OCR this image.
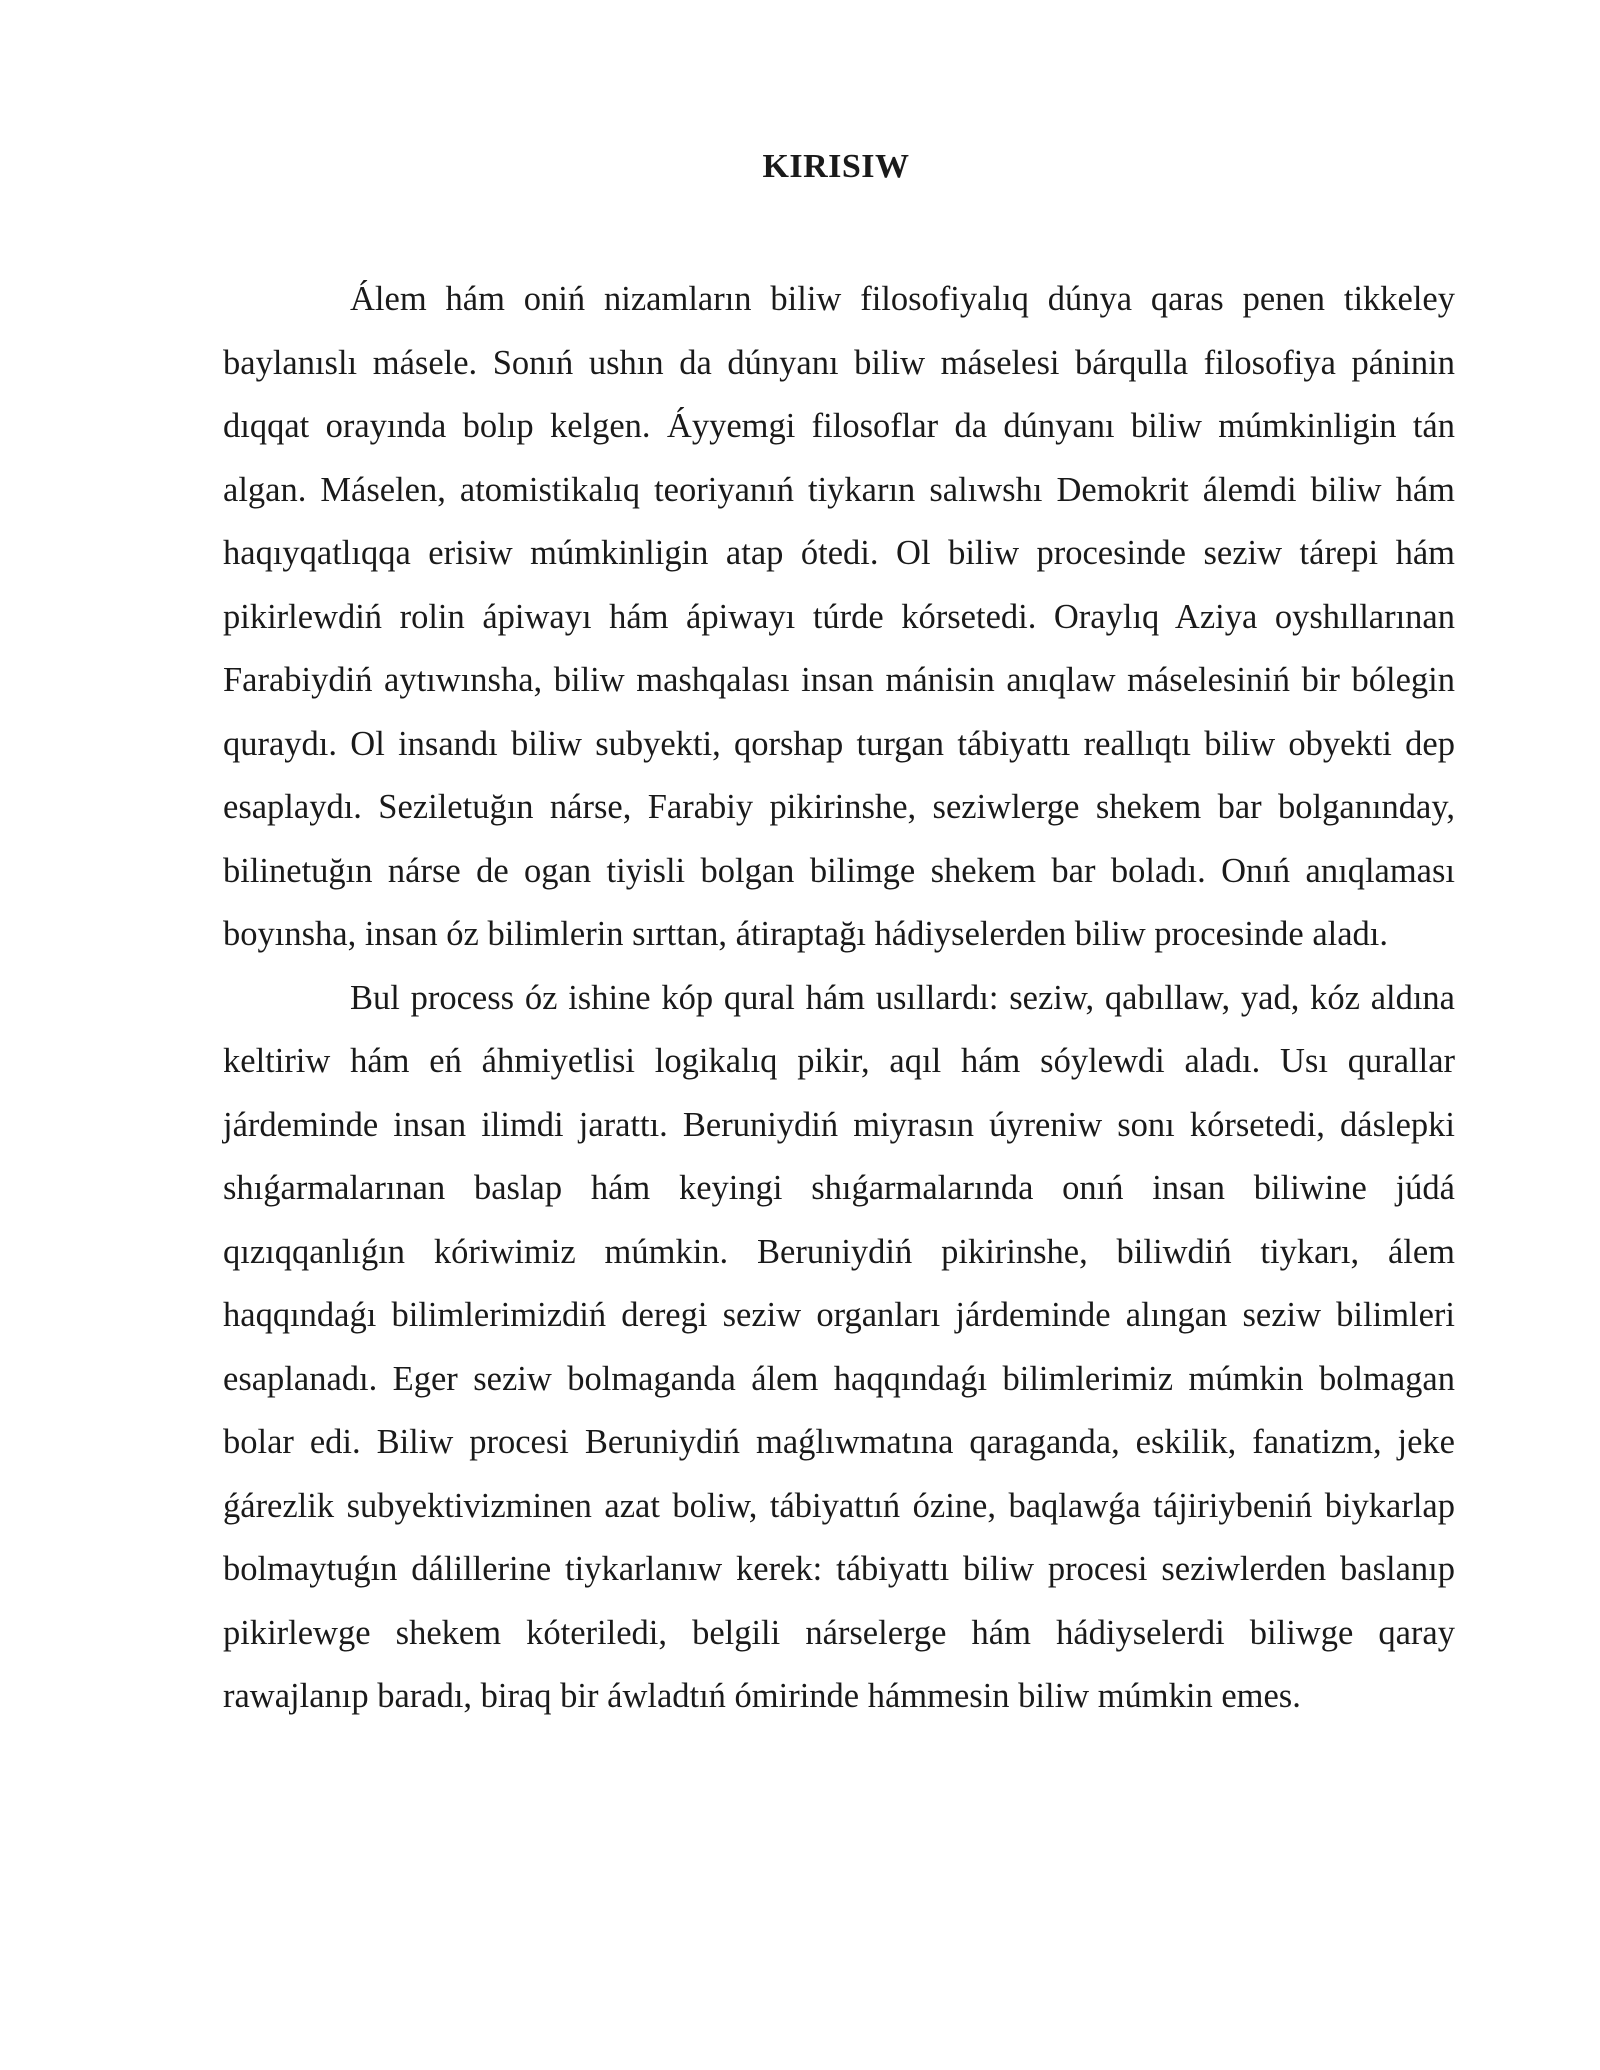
KIRISIW

Álem hám oniń nizamların biliw filosofiyalıq dúnya qaras penen tikkeley baylanıslı másele. Sonıń ushın da dúnyanı biliw máselesi bárqulla filosofiya páninin dıqqat orayında bolıp kelgen. Áyyemgi filosoflar da dúnyanı biliw múmkinligin tán algan. Máselen, atomistikalıq teoriyanıń tiykarın salıwshı Demokrit álemdi biliw hám haqıyqatlıqqa erisiw múmkinligin atap ótedi. Ol biliw procesinde seziw tárepi hám pikirlewdiń rolin ápiwayı hám ápiwayı túrde kórsetedi. Oraylıq Aziya oyshıllarınan Farabiydiń aytıwınsha, biliw mashqalası insan mánisin anıqlaw máselesiniń bir bólegin quraydı. Ol insandı biliw subyekti, qorshap turgan tábiyattı reallıqtı biliw obyekti dep esaplaydı. Seziletuğın nárse, Farabiy pikirinshe, seziwlerge shekem bar bolganınday, bilinetuğın nárse de ogan tiyisli bolgan bilimge shekem bar boladı. Onıń anıqlaması boyınsha, insan óz bilimlerin sırttan, átiraptağı hádiyselerden biliw procesinde aladı.

Bul process óz ishine kóp qural hám usıllardı: seziw, qabıllaw, yad, kóz aldına keltiriw hám eń áhmiyetlisi logikalıq pikir, aqıl hám sóylewdi aladı. Usı qurallar járdeminde insan ilimdi jarattı. Beruniydiń miyrasın úyreniw sonı kórsetedi, dáslepki shıǵarmalarınan baslap hám keyingi shıǵarmalarında onıń insan biliwine júdá qızıqqanlıǵın kóriwimiz múmkin. Beruniydiń pikirinshe, biliwdiń tiykarı, álem haqqındaǵı bilimlerimizdiń deregi seziw organları járdeminde alıngan seziw bilimleri esaplanadı. Eger seziw bolmaganda álem haqqındaǵı bilimlerimiz múmkin bolmagan bolar edi. Biliw procesi Beruniydiń maǵlıwmatına qaraganda, eskilik, fanatizm, jeke ǵárezlik subyektivizminen azat boliw, tábiyattıń ózine, baqlawǵa tájiriybeniń biykarlap bolmaytuǵın dálillerine tiykarlanıw kerek: tábiyattı biliw procesi seziwlerden baslanıp pikirlewge shekem kóteriledi, belgili nárselerge hám hádiyselerdi biliwge qaray rawajlanıp baradı, biraq bir áwladtıń ómirinde hámmesin biliw múmkin emes.
